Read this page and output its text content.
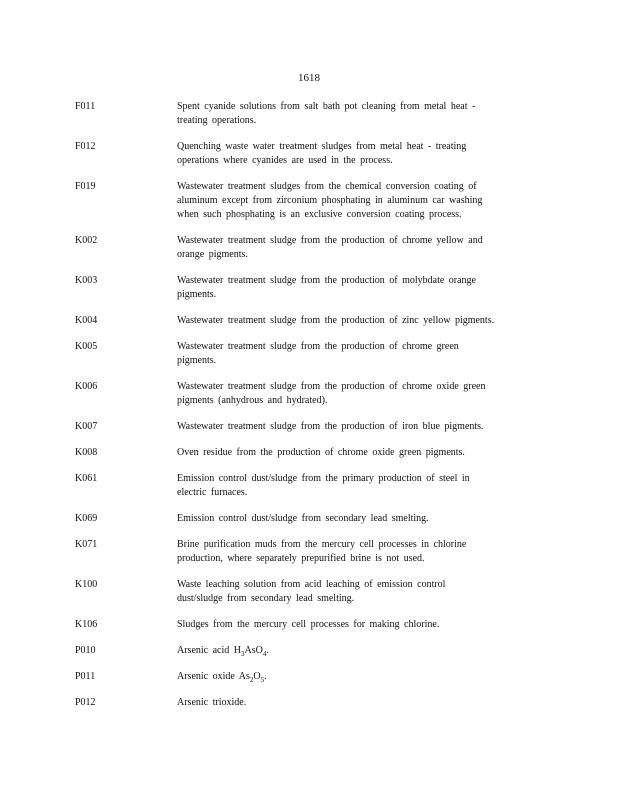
1618
F011	Spent cyanide solutions from salt bath pot cleaning from metal heat -
treating operations.
F012	Quenching waste water treatment sludges from metal heat - treating
operations where cyanides are used in the process.
F019	Wastewater treatment sludges from the chemical conversion coating of
aluminum except from zirconium phosphating in aluminum car washing
when such phosphating is an exclusive conversion coating process.
K002	Wastewater treatment sludge from the production of chrome yellow and
orange pigments.
K003	Wastewater treatment sludge from the production of molybdate orange
pigments.
K004	Wastewater treatment sludge from the production of zinc yellow pigments.
K005	Wastewater treatment sludge from the production of chrome green
pigments.
K006	Wastewater treatment sludge from the production of chrome oxide green
pigments (anhydrous and hydrated).
K007	Wastewater treatment sludge from the production of iron blue pigments.
K008	Oven residue from the production of chrome oxide green pigments.
K061	Emission control dust/sludge from the primary production of steel in
electric furnaces.
K069	Emission control dust/sludge from secondary lead smelting.
K071	Brine purification muds from the mercury cell processes in chlorine
production, where separately prepurified brine is not used.
K100	Waste leaching solution from acid leaching of emission control
dust/sludge from secondary lead smelting.
K106	Sludges from the mercury cell processes for making chlorine.
P010	Arsenic acid $H_3AsO_4$.
P011	Arsenic oxide $As_2O_5$.
P012	Arsenic trioxide.
